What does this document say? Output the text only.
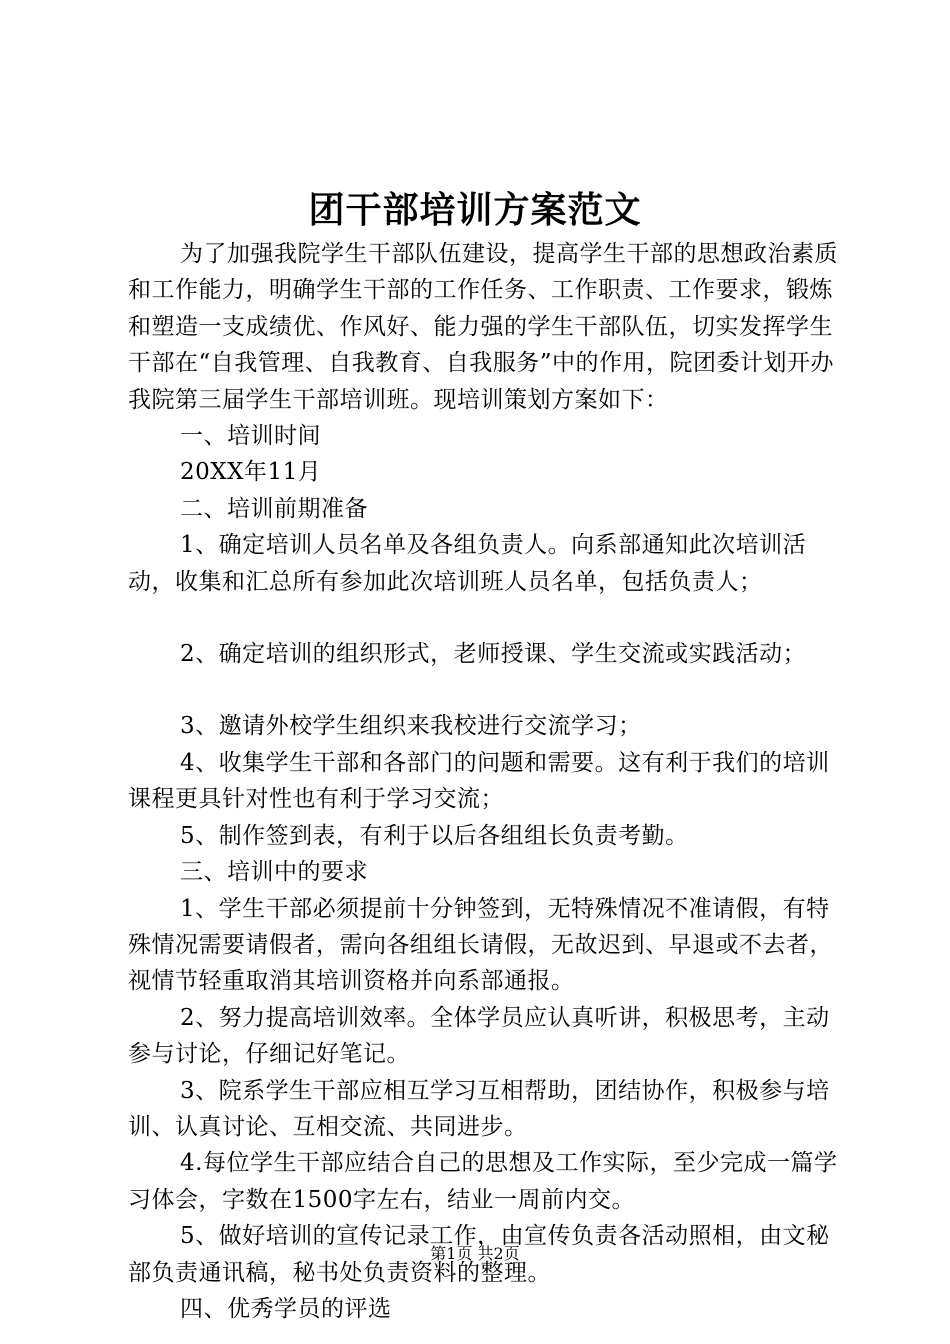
团干部培训方案范文

为了加强我院学生干部队伍建设，提高学生干部的思想政治素质和工作能力，明确学生干部的工作任务、工作职责、工作要求，锻炼和塑造一支成绩优、作风好、能力强的学生干部队伍，切实发挥学生干部在“自我管理、自我教育、自我服务”中的作用，院团委计划开办我院第三届学生干部培训班。现培训策划方案如下：

一、培训时间

20XX年11月

二、培训前期准备

1、确定培训人员名单及各组负责人。向系部通知此次培训活动，收集和汇总所有参加此次培训班人员名单，包括负责人；

2、确定培训的组织形式，老师授课、学生交流或实践活动；

3、邀请外校学生组织来我校进行交流学习；

4、收集学生干部和各部门的问题和需要。这有利于我们的培训课程更具针对性也有利于学习交流；

5、制作签到表，有利于以后各组组长负责考勤。

三、培训中的要求

1、学生干部必须提前十分钟签到，无特殊情况不准请假，有特殊情况需要请假者，需向各组组长请假，无故迟到、早退或不去者，视情节轻重取消其培训资格并向系部通报。

2、努力提高培训效率。全体学员应认真听讲，积极思考，主动参与讨论，仔细记好笔记。

3、院系学生干部应相互学习互相帮助，团结协作，积极参与培训、认真讨论、互相交流、共同进步。

4.每位学生干部应结合自己的思想及工作实际，至少完成一篇学习体会，字数在1500字左右，结业一周前内交。

5、做好培训的宣传记录工作，由宣传负责各活动照相，由文秘部负责通讯稿，秘书处负责资料的整理。

四、优秀学员的评选

第1页 共2页
